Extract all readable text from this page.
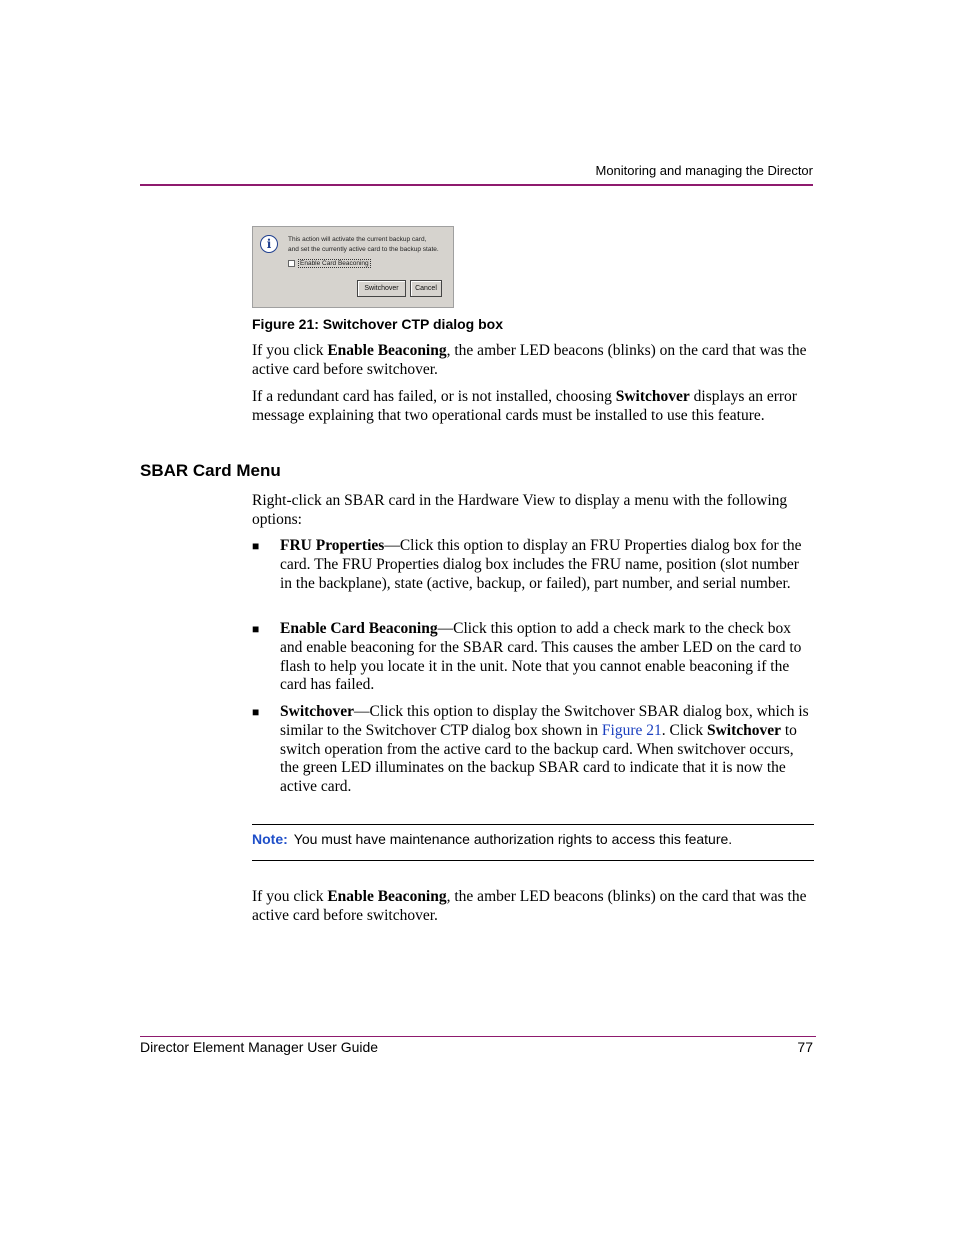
Monitoring and managing the Director
i	This action will activate the current backup card,
and set the currently active card to the backup state.
Enable Card Beaconing
Switchover	Cancel
Figure 21: Switchover CTP dialog box
If you click Enable Beaconing, the amber LED beacons (blinks) on the card that was the active card before switchover.
If a redundant card has failed, or is not installed, choosing Switchover displays an error message explaining that two operational cards must be installed to use this feature.
SBAR Card Menu
Right-click an SBAR card in the Hardware View to display a menu with the following options:
■ FRU Properties—Click this option to display an FRU Properties dialog box for the card. The FRU Properties dialog box includes the FRU name, position (slot number in the backplane), state (active, backup, or failed), part number, and serial number.
■ Enable Card Beaconing—Click this option to add a check mark to the check box and enable beaconing for the SBAR card. This causes the amber LED on the card to flash to help you locate it in the unit. Note that you cannot enable beaconing if the card has failed.
■ Switchover—Click this option to display the Switchover SBAR dialog box, which is similar to the Switchover CTP dialog box shown in Figure 21. Click Switchover to switch operation from the active card to the backup card. When switchover occurs, the green LED illuminates on the backup SBAR card to indicate that it is now the active card.
Note: You must have maintenance authorization rights to access this feature.
If you click Enable Beaconing, the amber LED beacons (blinks) on the card that was the active card before switchover.
Director Element Manager User Guide	77
